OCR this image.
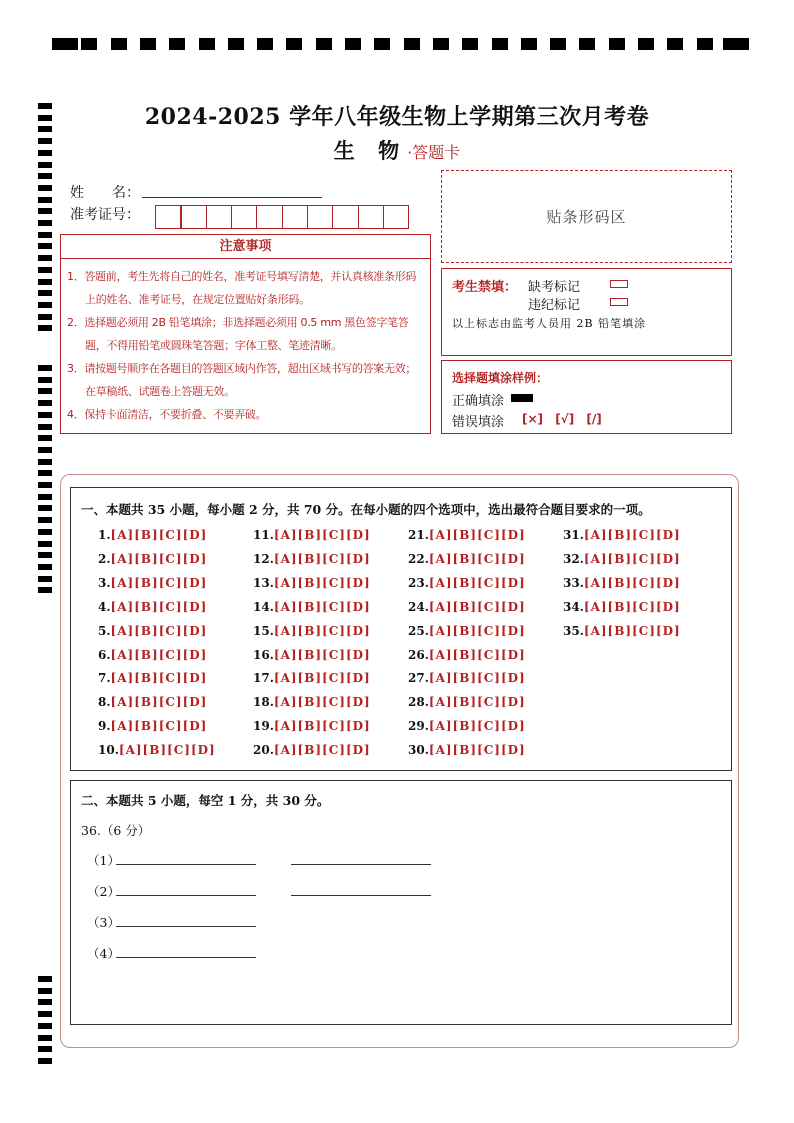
2024-2025 学年八年级生物上学期第三次月考卷
生 物·答题卡
姓　　名：
准考证号：
注意事项
1．答题前，考生先将自己的姓名，准考证号填写清楚，并认真核准条形码上的姓名、准考证号，在规定位置贴好条形码。
2．选择题必须用 2B 铅笔填涂；非选择题必须用 0.5 mm 黑色签字笔答题，不得用铅笔或圆珠笔答题；字体工整、笔迹清晰。
3．请按题号顺序在各题目的答题区域内作答，超出区域书写的答案无效；在草稿纸、试题卷上答题无效。
4．保持卡面清洁，不要折叠、不要弄破。
贴条形码区
考生禁填： 缺考标记
违纪标记
以上标志由监考人员用 2B 铅笔填涂
选择题填涂样例：
正确填涂
错误填涂 [×] [√] [/]
一、本题共 35 小题，每小题 2 分，共 70 分。在每小题的四个选项中，选出最符合题目要求的一项。
1.[A][B][C][D]
2.[A][B][C][D]
3.[A][B][C][D]
4.[A][B][C][D]
5.[A][B][C][D]
6.[A][B][C][D]
7.[A][B][C][D]
8.[A][B][C][D]
9.[A][B][C][D]
10.[A][B][C][D]
11.[A][B][C][D]
12.[A][B][C][D]
13.[A][B][C][D]
14.[A][B][C][D]
15.[A][B][C][D]
16.[A][B][C][D]
17.[A][B][C][D]
18.[A][B][C][D]
19.[A][B][C][D]
20.[A][B][C][D]
21.[A][B][C][D]
22.[A][B][C][D]
23.[A][B][C][D]
24.[A][B][C][D]
25.[A][B][C][D]
26.[A][B][C][D]
27.[A][B][C][D]
28.[A][B][C][D]
29.[A][B][C][D]
30.[A][B][C][D]
31.[A][B][C][D]
32.[A][B][C][D]
33.[A][B][C][D]
34.[A][B][C][D]
35.[A][B][C][D]
二、本题共 5 小题，每空 1 分，共 30 分。
36.（6 分）
（1）
（2）
（3）
（4）
